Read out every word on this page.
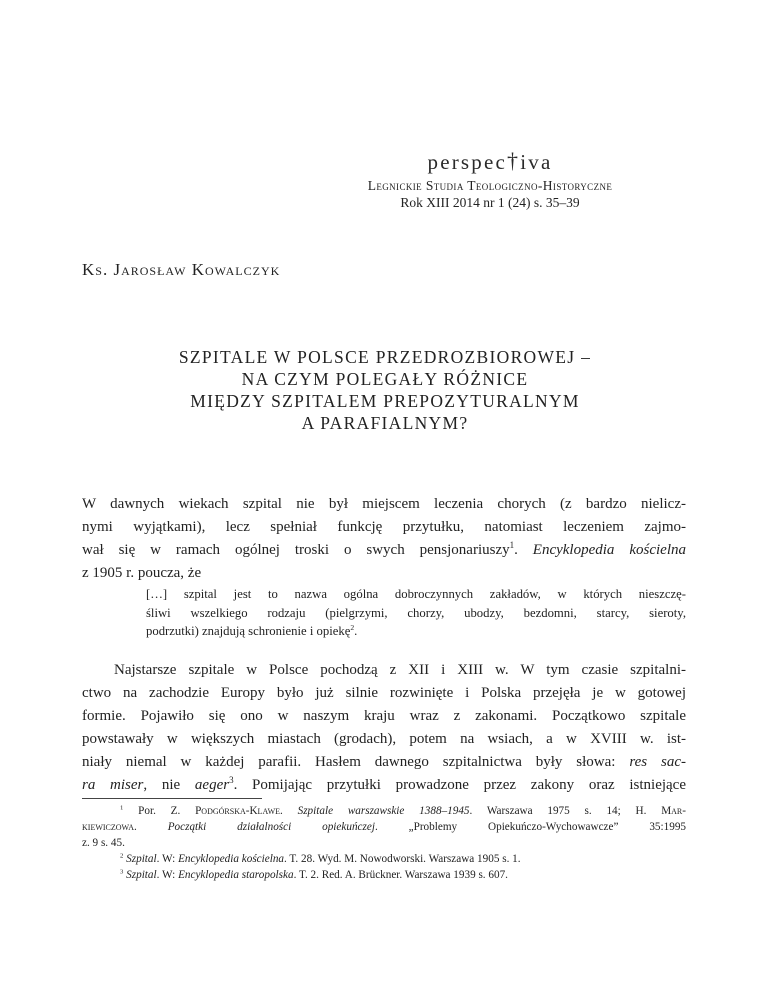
perspec†iva
Legnickie Studia Teologiczno-Historyczne
Rok XIII 2014 nr 1 (24) s. 35–39
Ks. Jarosław Kowalczyk
SZPITALE W POLSCE PRZEDROZBIOROWEJ –
NA CZYM POLEGAŁY RÓŻNICE
MIĘDZY SZPITALEM PREPOZYTURALNYM
A PARAFIALNYM?
W dawnych wiekach szpital nie był miejscem leczenia chorych (z bardzo nielicz-
nymi wyjątkami), lecz spełniał funkcję przytułku, natomiast leczeniem zajmo-
wał się w ramach ogólnej troski o swych pensjonariuszy$^1$. Encyklopedia kościelna
z 1905 r. poucza, że
[…] szpital jest to nazwa ogólna dobroczynnych zakładów, w których nieszczę-
śliwi wszelkiego rodzaju (pielgrzymi, chorzy, ubodzy, bezdomni, starcy, sieroty,
podrzutki) znajdują schronienie i opiekę$^2$.
Najstarsze szpitale w Polsce pochodzą z XII i XIII w. W tym czasie szpitalni-
ctwo na zachodzie Europy było już silnie rozwinięte i Polska przejęła je w gotowej
formie. Pojawiło się ono w naszym kraju wraz z zakonami. Początkowo szpitale
powstawały w większych miastach (grodach), potem na wsiach, a w XVIII w. ist-
niały niemal w każdej parafii. Hasłem dawnego szpitalnictwa były słowa: res sac-
ra miser, nie aeger$^3$. Pomijając przytułki prowadzone przez zakony oraz istniejące
$^1$ Por. Z. Podgórska-Klawe. Szpitale warszawskie 1388–1945. Warszawa 1975 s. 14; H. Mar-
kiewiczowa. Początki działalności opiekuńczej. „Problemy Opiekuńczo-Wychowawcze” 35:1995
z. 9 s. 45.
$^2$ Szpital. W: Encyklopedia kościelna. T. 28. Wyd. M. Nowodworski. Warszawa 1905 s. 1.
$^3$ Szpital. W: Encyklopedia staropolska. T. 2. Red. A. Brückner. Warszawa 1939 s. 607.
